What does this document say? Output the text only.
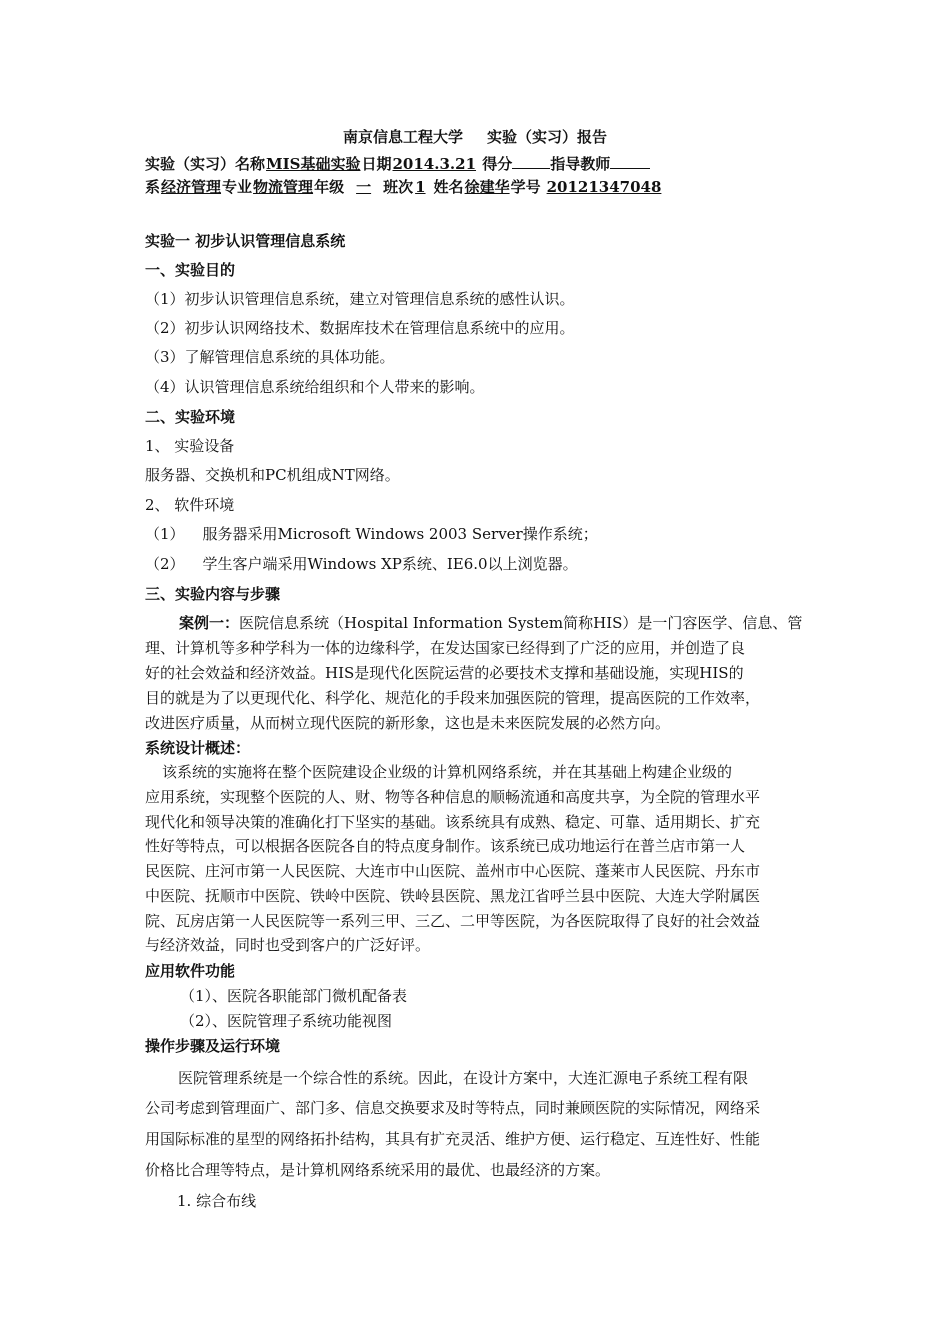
南京信息工程大学 实验（实习）报告
实验（实习）名称MIS基础实验日期2014.3.21 得分	指导教师
系经济管理专业物流管理年级 一 班次 1 姓名徐建华学号 20121347048
实验一 初步认识管理信息系统
一、实验目的
（1）初步认识管理信息系统，建立对管理信息系统的感性认识。
（2）初步认识网络技术、数据库技术在管理信息系统中的应用。
（3）了解管理信息系统的具体功能。
（4）认识管理信息系统给组织和个人带来的影响。
二、实验环境
1、 实验设备
服务器、交换机和PC机组成NT网络。
2、 软件环境
（1） 服务器采用Microsoft Windows 2003 Server操作系统；
（2） 学生客户端采用Windows XP系统、IE6.0以上浏览器。
三、实验内容与步骤
案例一：医院信息系统（Hospital Information System简称HIS）是一门容医学、信息、管
理、计算机等多种学科为一体的边缘科学，在发达国家已经得到了广泛的应用，并创造了良
好的社会效益和经济效益。HIS是现代化医院运营的必要技术支撑和基础设施，实现HIS的
目的就是为了以更现代化、科学化、规范化的手段来加强医院的管理，提高医院的工作效率，
改进医疗质量，从而树立现代医院的新形象，这也是未来医院发展的必然方向。
系统设计概述：
该系统的实施将在整个医院建设企业级的计算机网络系统，并在其基础上构建企业级的
应用系统，实现整个医院的人、财、物等各种信息的顺畅流通和高度共享，为全院的管理水平
现代化和领导决策的准确化打下坚实的基础。该系统具有成熟、稳定、可靠、适用期长、扩充
性好等特点，可以根据各医院各自的特点度身制作。该系统已成功地运行在普兰店市第一人
民医院、庄河市第一人民医院、大连市中山医院、盖州市中心医院、蓬莱市人民医院、丹东市
中医院、抚顺市中医院、铁岭中医院、铁岭县医院、黑龙江省呼兰县中医院、大连大学附属医
院、瓦房店第一人民医院等一系列三甲、三乙、二甲等医院，为各医院取得了良好的社会效益
与经济效益，同时也受到客户的广泛好评。
应用软件功能
（1）、医院各职能部门微机配备表
（2）、医院管理子系统功能视图
操作步骤及运行环境
医院管理系统是一个综合性的系统。因此，在设计方案中，大连汇源电子系统工程有限
公司考虑到管理面广、部门多、信息交换要求及时等特点，同时兼顾医院的实际情况，网络采
用国际标准的星型的网络拓扑结构，其具有扩充灵活、维护方便、运行稳定、互连性好、性能
价格比合理等特点，是计算机网络系统采用的最优、也最经济的方案。
1. 综合布线
